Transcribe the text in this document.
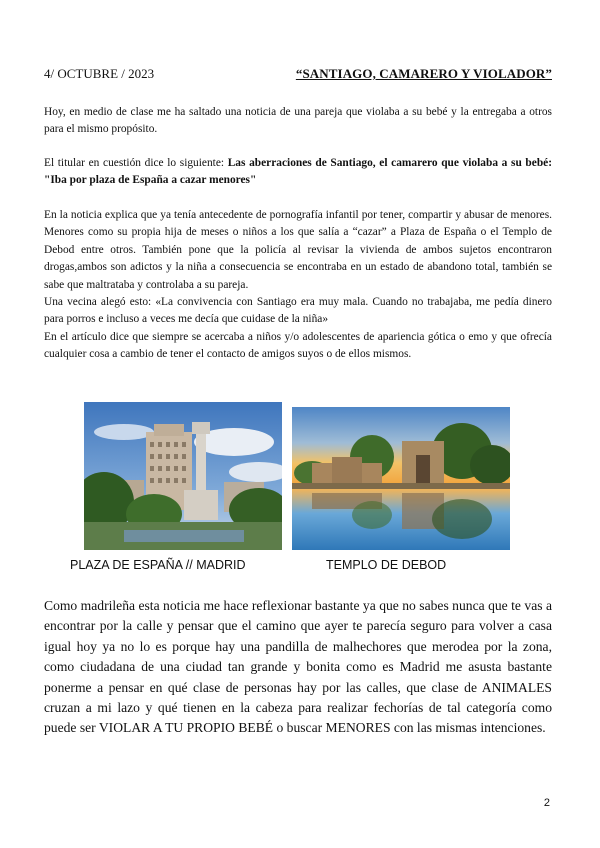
4/ OCTUBRE / 2023	“SANTIAGO, CAMARERO Y VIOLADOR”
Hoy, en medio de clase me ha saltado una noticia de una pareja que violaba a su bebé y la entregaba a otros para el mismo propósito.
El titular en cuestión dice lo siguiente: Las aberraciones de Santiago, el camarero que violaba a su bebé: "Iba por plaza de España a cazar menores"
En la noticia explica que ya tenía antecedente de pornografía infantil por tener, compartir y abusar de menores. Menores como su propia hija de meses o niños a los que salía a “cazar” a Plaza de España o el Templo de Debod entre otros. También pone que la policía al revisar la vivienda de ambos sujetos encontraron drogas,ambos son adictos y la niña a consecuencia se encontraba en un estado de abandono total, también se sabe que maltrataba y controlaba a su pareja.
Una vecina alegó esto: «La convivencia con Santiago era muy mala. Cuando no trabajaba, me pedía dinero para porros e incluso a veces me decía que cuidase de la niña»
En el artículo dice que siempre se acercaba a niños y/o adolescentes de apariencia gótica o emo y que ofrecía cualquier cosa a cambio de tener el contacto de amigos suyos o de ellos mismos.
PLAZA DE ESPAÑA // MADRID	TEMPLO DE DEBOD
Como madrileña esta noticia me hace reflexionar bastante ya que no sabes nunca que te vas a encontrar por la calle y pensar que el camino que ayer te parecía seguro para volver a casa igual hoy ya no lo es porque hay una pandilla de malhechores que merodea por la zona, como ciudadana de una ciudad tan grande y bonita como es Madrid me asusta bastante ponerme a pensar en qué clase de personas hay por las calles, que clase de ANIMALES cruzan a mi lazo y qué tienen en la cabeza para realizar fechorías de tal categoría como puede ser VIOLAR A TU PROPIO BEBÉ o buscar MENORES con las mismas intenciones.
2
